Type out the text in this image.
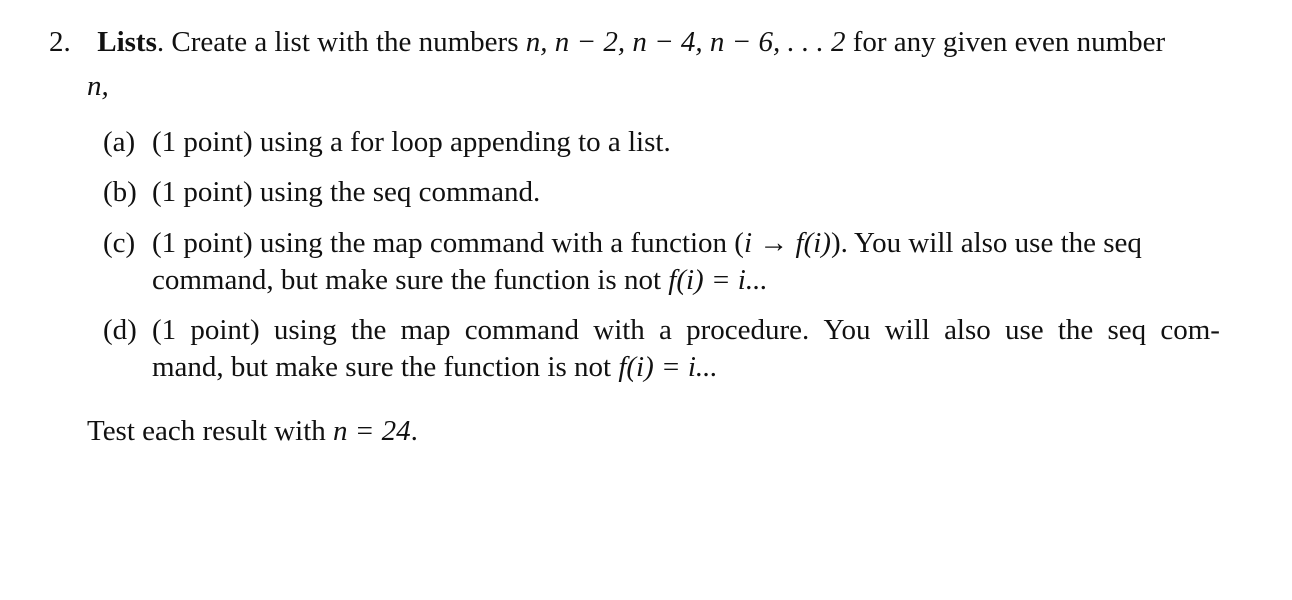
2. Lists. Create a list with the numbers n, n − 2, n − 4, n − 6, . . . 2 for any given even number
n,
(a) (1 point) using a for loop appending to a list.
(b) (1 point) using the seq command.
(c) (1 point) using the map command with a function (i → f(i)). You will also use the seq
command, but make sure the function is not f(i) = i...
(d) (1 point) using the map command with a procedure. You will also use the seq com-
mand, but make sure the function is not f(i) = i...
Test each result with n = 24.
